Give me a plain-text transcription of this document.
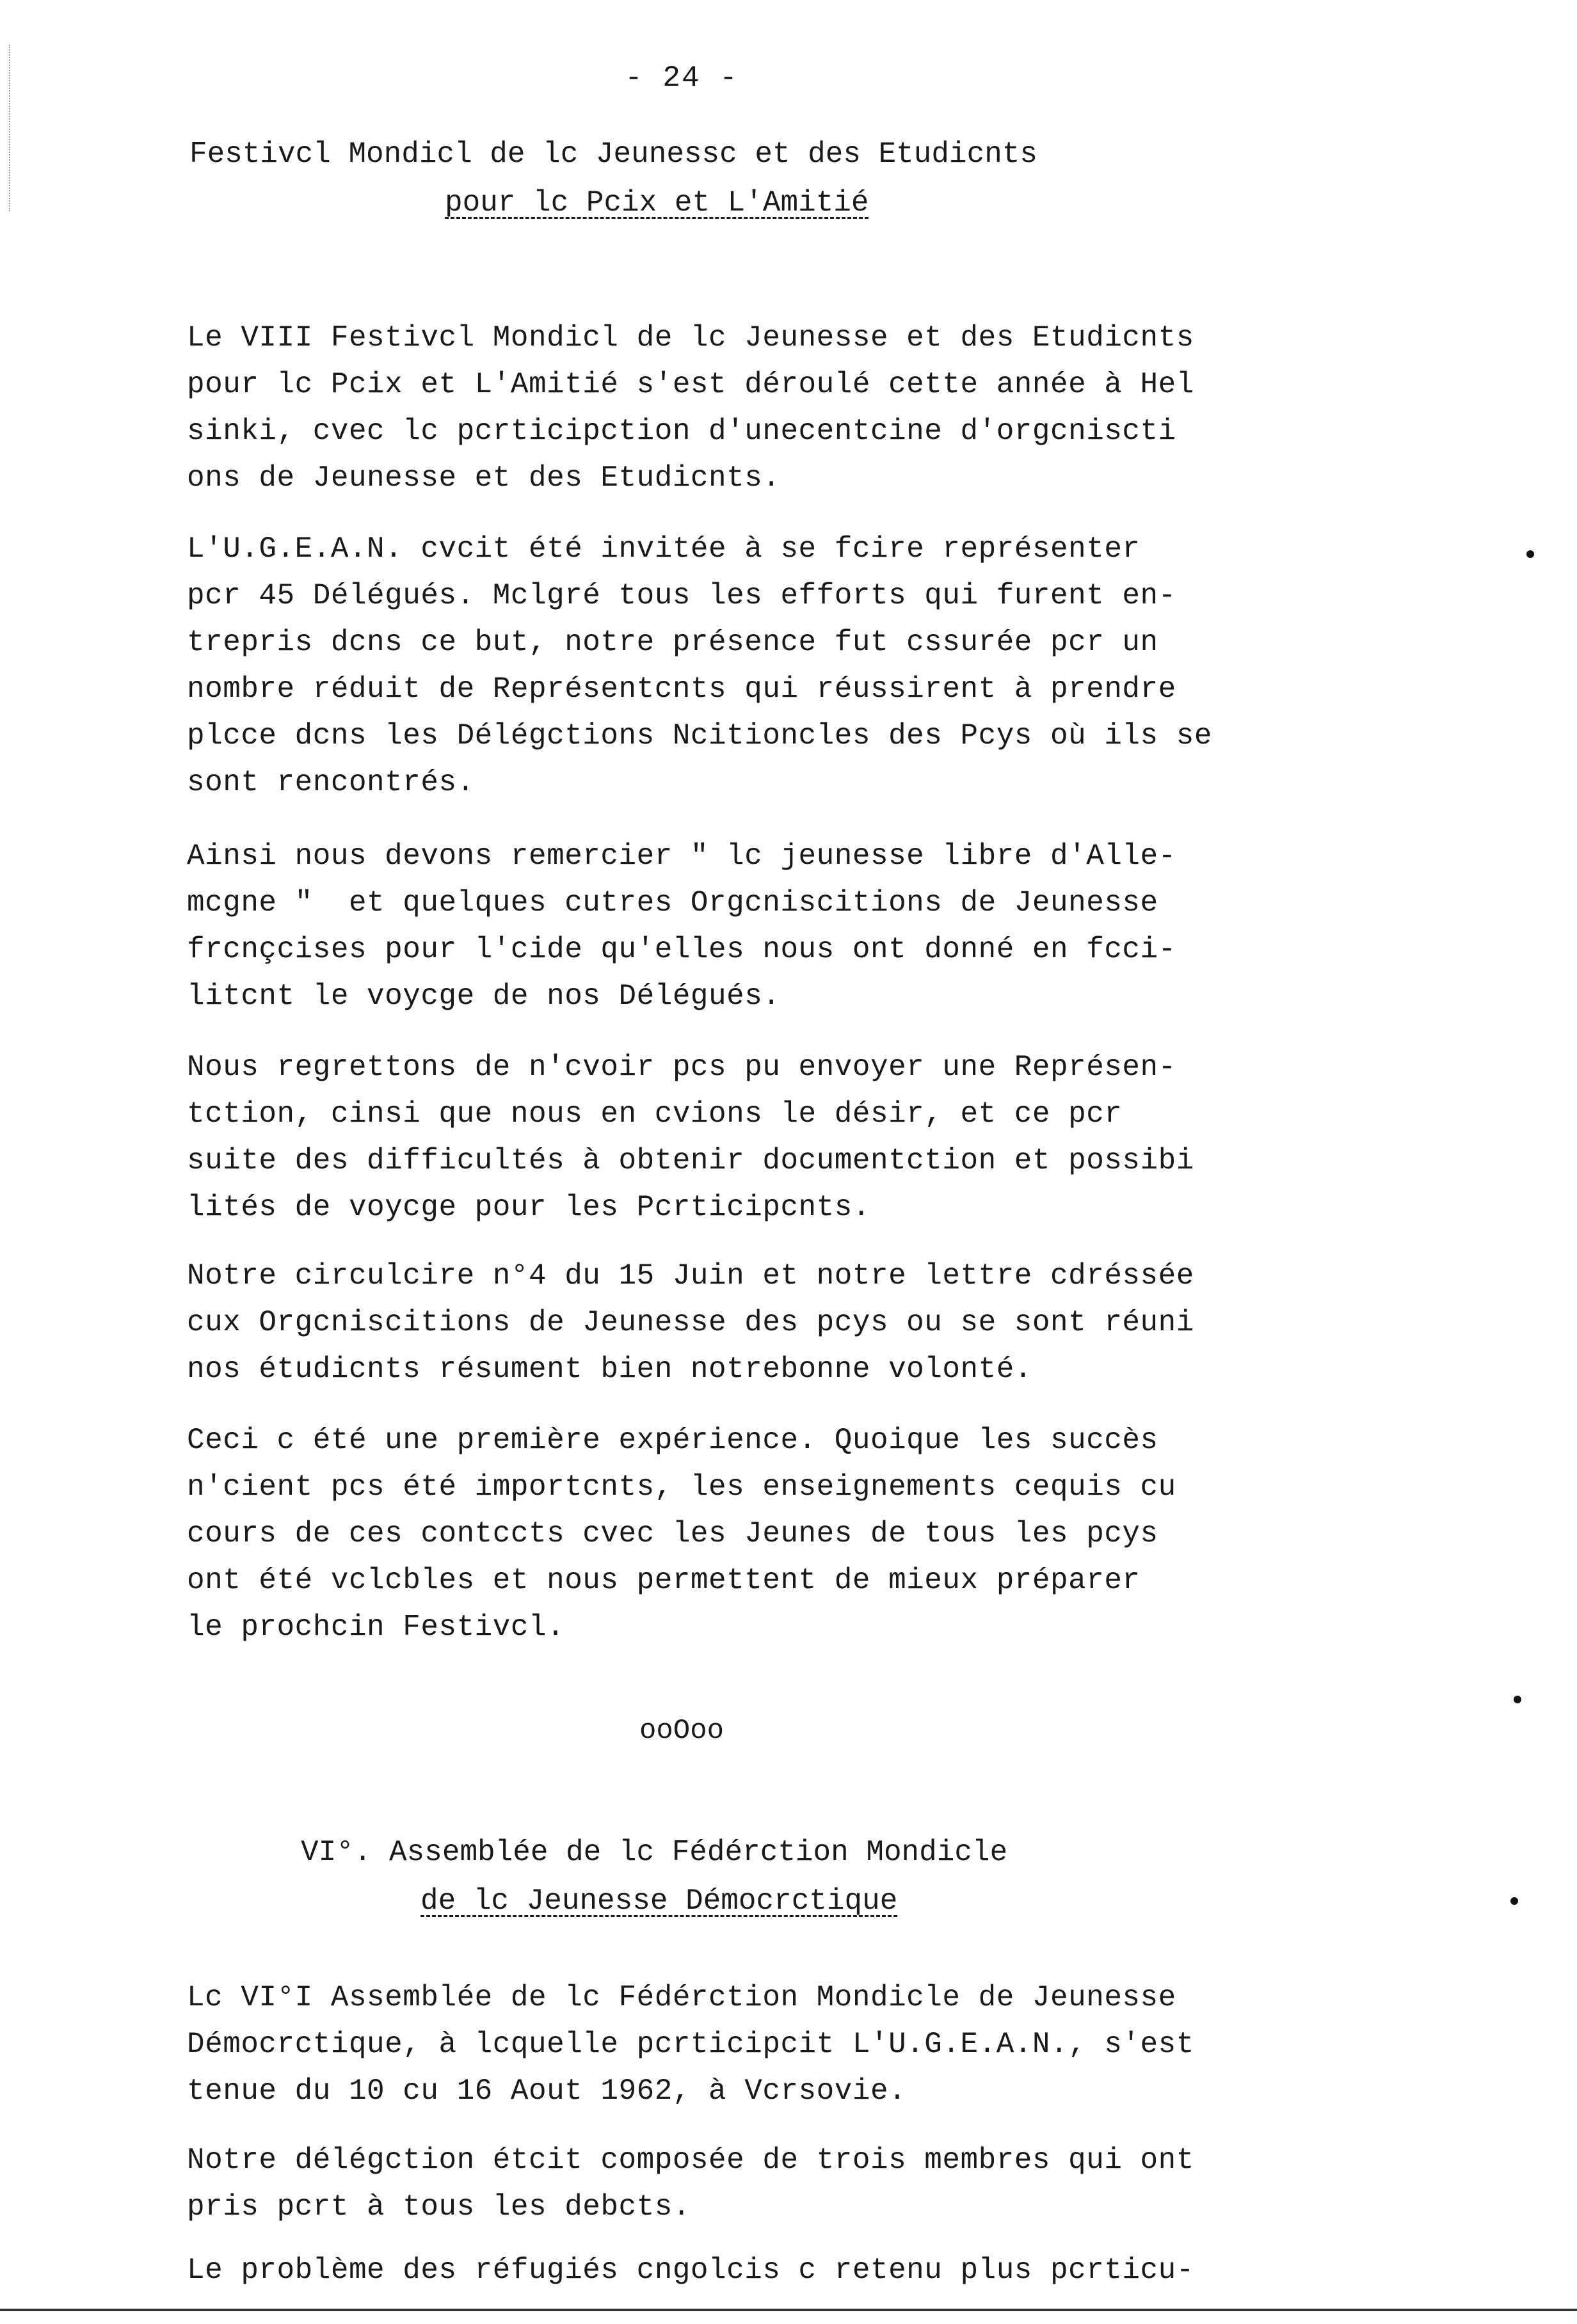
- 24 -
Festivcl Mondicl de lc Jeunessc et des Etudicnts
pour lc Pcix et L'Amitié
Le VIII Festivcl Mondicl de lc Jeunesse et des Etudicnts
pour lc Pcix et L'Amitié s'est déroulé cette année à Hel
sinki, cvec lc pcrticipction d'unecentcine d'orgcniscti
ons de Jeunesse et des Etudicnts.
L'U.G.E.A.N. cvcit été invitée à se fcire représenter
pcr 45 Délégués. Mclgré tous les efforts qui furent en-
trepris dcns ce but, notre présence fut cssurée pcr un
nombre réduit de Représentcnts qui réussirent à prendre
plcce dcns les Délégctions Ncitioncles des Pcys où ils se
sont rencontrés.
Ainsi nous devons remercier " lc jeunesse libre d'Alle-
mcgne "  et quelques cutres Orgcniscitions de Jeunesse
frcnçcises pour l'cide qu'elles nous ont donné en fcci-
litcnt le voycge de nos Délégués.
Nous regrettons de n'cvoir pcs pu envoyer une Représen-
tction, cinsi que nous en cvions le désir, et ce pcr
suite des difficultés à obtenir documentction et possibi
lités de voycge pour les Pcrticipcnts.
Notre circulcire n°4 du 15 Juin et notre lettre cdréssée
cux Orgcniscitions de Jeunesse des pcys ou se sont réuni
nos étudicnts résument bien notrebonne volonté.
Ceci c été une première expérience. Quoique les succès
n'cient pcs été importcnts, les enseignements cequis cu
cours de ces contccts cvec les Jeunes de tous les pcys
ont été vclcbles et nous permettent de mieux préparer
le prochcin Festivcl.
ooOoo
VI°. Assemblée de lc Fédérction Mondicle
de lc Jeunesse Démocrctique
Lc VI°I Assemblée de lc Fédérction Mondicle de Jeunesse
Démocrctique, à lcquelle pcrticipcit L'U.G.E.A.N., s'est
tenue du 10 cu 16 Aout 1962, à Vcrsovie.
Notre délégction étcit composée de trois membres qui ont
pris pcrt à tous les debcts.
Le problème des réfugiés cngolcis c retenu plus pcrticu-
